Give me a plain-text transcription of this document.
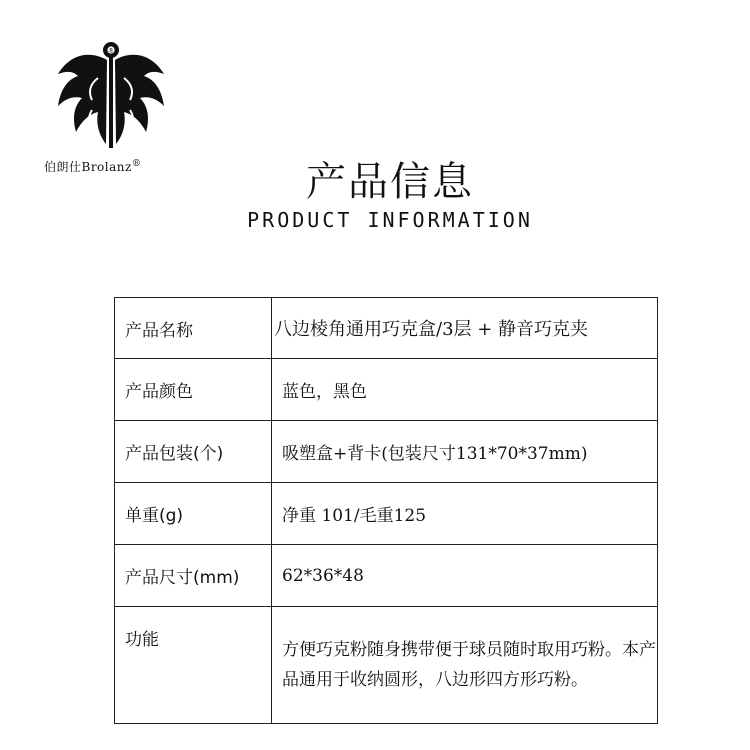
8
伯朗仕Brolanz®	产品信息
PRODUCT INFORMATION
产品名称	八边棱角通用巧克盒/3层 + 静音巧克夹
产品颜色	蓝色，黑色
产品包装(个)	吸塑盒+背卡(包装尺寸131*70*37mm)
单重(g)	净重 101/毛重125
产品尺寸(mm)	62*36*48
功能	方便巧克粉随身携带便于球员随时取用巧粉。本产品通用于收纳圆形，八边形四方形巧粉。
